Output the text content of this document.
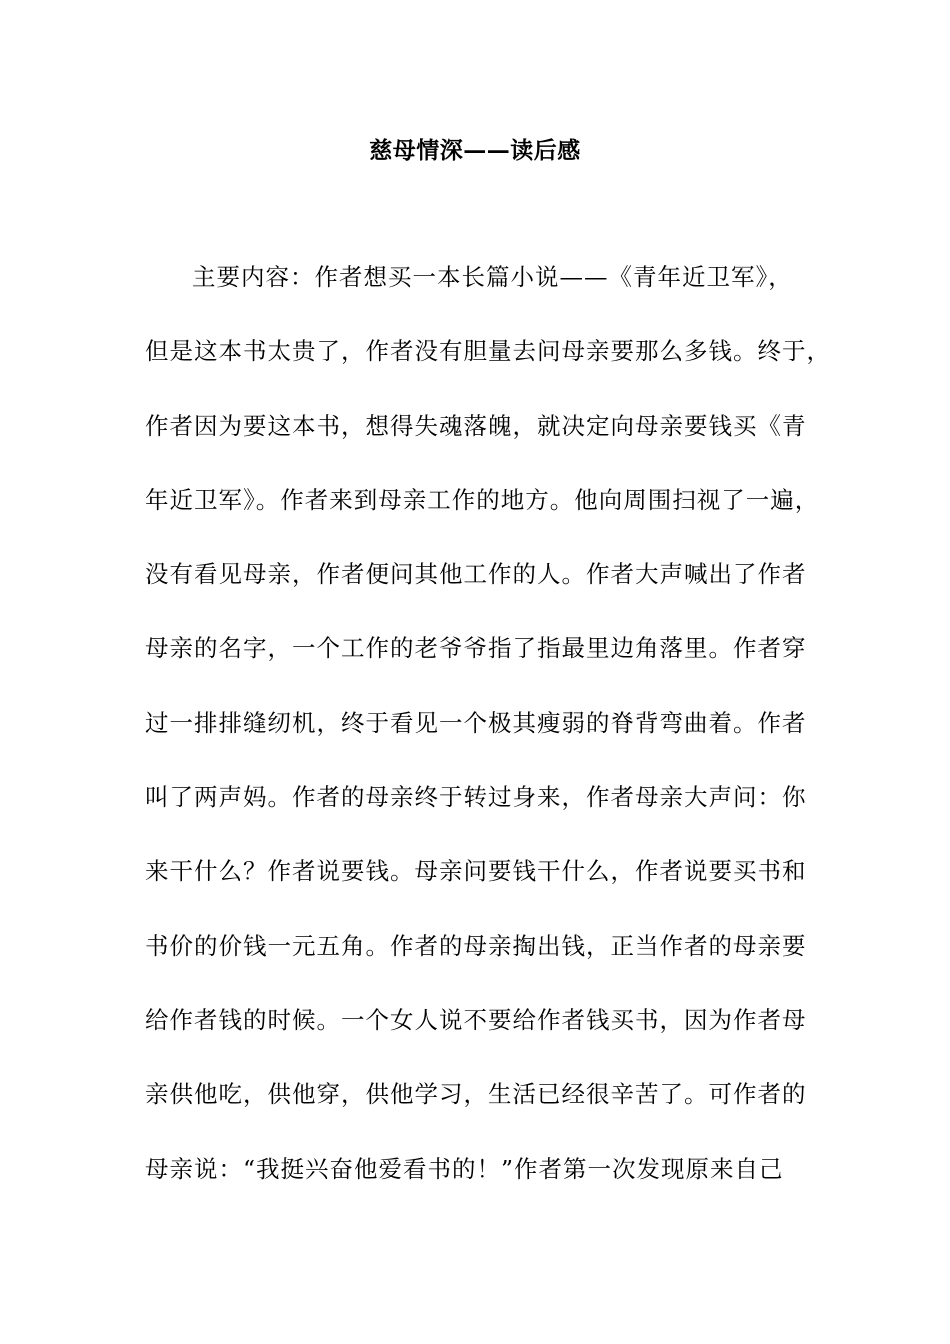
慈母情深——读后感
主要内容：作者想买一本长篇小说——《青年近卫军》，
但是这本书太贵了，作者没有胆量去问母亲要那么多钱。终于，
作者因为要这本书，想得失魂落魄，就决定向母亲要钱买《青
年近卫军》。作者来到母亲工作的地方。他向周围扫视了一遍，
没有看见母亲，作者便问其他工作的人。作者大声喊出了作者
母亲的名字，一个工作的老爷爷指了指最里边角落里。作者穿
过一排排缝纫机，终于看见一个极其瘦弱的脊背弯曲着。作者
叫了两声妈。作者的母亲终于转过身来，作者母亲大声问：你
来干什么？作者说要钱。母亲问要钱干什么，作者说要买书和
书价的价钱一元五角。作者的母亲掏出钱，正当作者的母亲要
给作者钱的时候。一个女人说不要给作者钱买书，因为作者母
亲供他吃，供他穿，供他学习，生活已经很辛苦了。可作者的
母亲说：“我挺兴奋他爱看书的！”作者第一次发现原来自己
